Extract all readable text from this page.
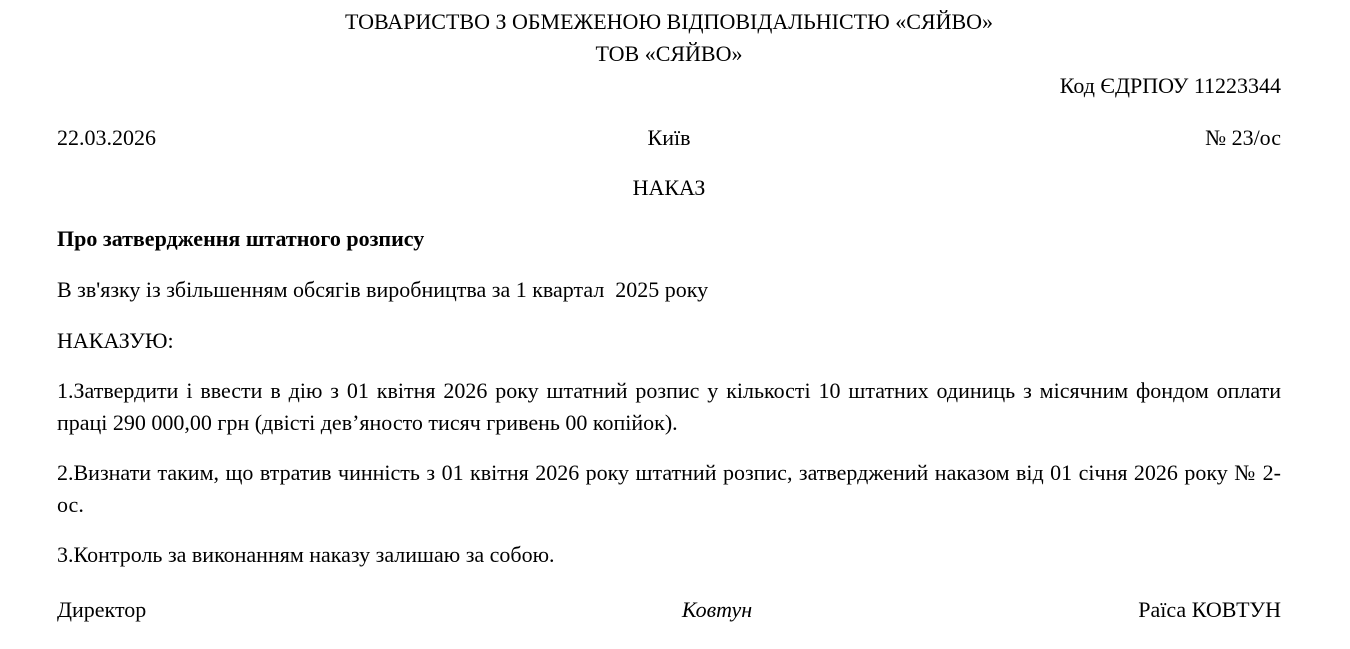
ТОВАРИСТВО З ОБМЕЖЕНОЮ ВІДПОВІДАЛЬНІСТЮ «СЯЙВО»
ТОВ «СЯЙВО»
Код ЄДРПОУ 11223344
22.03.2026	Київ	№ 23/ос
НАКАЗ
Про затвердження штатного розпису
В зв'язку із збільшенням обсягів виробництва за 1 квартал  2025 року
НАКАЗУЮ:
1.Затвердити і ввести в дію з 01 квітня 2026 року штатний розпис у кількості 10 штатних одиниць з місячним фондом оплати праці 290 000,00 грн (двісті дев’яносто тисяч гривень 00 копійок).
2.Визнати таким, що втратив чинність з 01 квітня 2026 року штатний розпис, затверджений наказом від 01 січня 2026 року № 2-ос.
3.Контроль за виконанням наказу залишаю за собою.
Директор	Ковтун	Раїса КОВТУН
